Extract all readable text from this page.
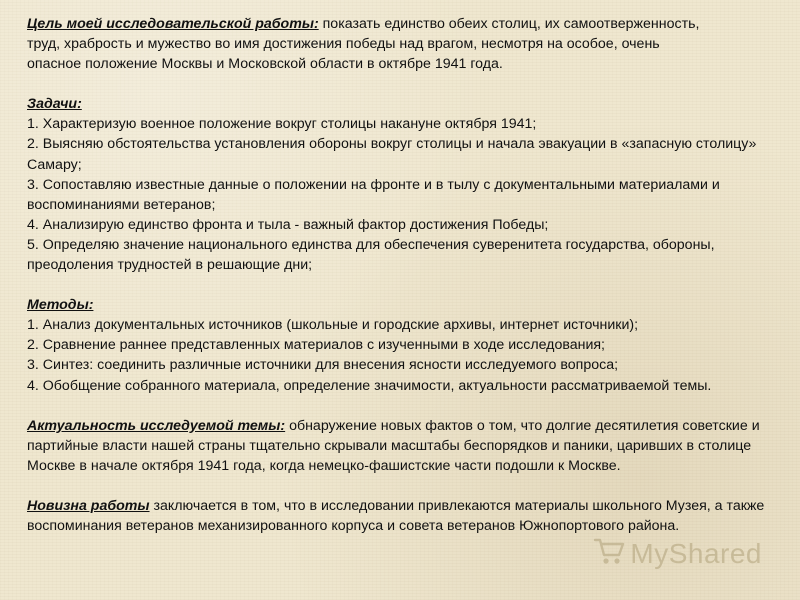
Цель моей исследовательской работы: показать единство обеих столиц, их самоотверженность,
труд, храбрость и мужество во имя достижения победы над врагом, несмотря на особое, очень
опасное положение Москвы и Московской области в октябре 1941 года.
Задачи:
1. Характеризую военное положение вокруг столицы накануне октября 1941;
2. Выясняю обстоятельства установления обороны вокруг столицы и начала эвакуации в «запасную столицу» Самару;
3. Сопоставляю известные данные о положении на фронте и в тылу с документальными материалами и воспоминаниями ветеранов;
4. Анализирую единство фронта и тыла - важный фактор достижения Победы;
5. Определяю значение национального единства для обеспечения суверенитета государства, обороны, преодоления трудностей в решающие дни;
Методы:
1. Анализ документальных источников (школьные и городские архивы, интернет источники);
2. Сравнение раннее представленных материалов с изученными в ходе исследования;
3. Синтез: соединить различные источники для внесения ясности исследуемого вопроса;
4. Обобщение собранного материала, определение значимости, актуальности рассматриваемой темы.
Актуальность исследуемой темы: обнаружение новых фактов о том, что долгие десятилетия советские и партийные власти нашей страны тщательно скрывали масштабы беспорядков и паники, царивших в столице Москве в начале октября 1941 года, когда немецко-фашистские части подошли к Москве.
Новизна работы заключается в том, что в исследовании привлекаются материалы школьного Музея, а также воспоминания ветеранов механизированного корпуса и совета ветеранов Южнопортового района.
MyShared
